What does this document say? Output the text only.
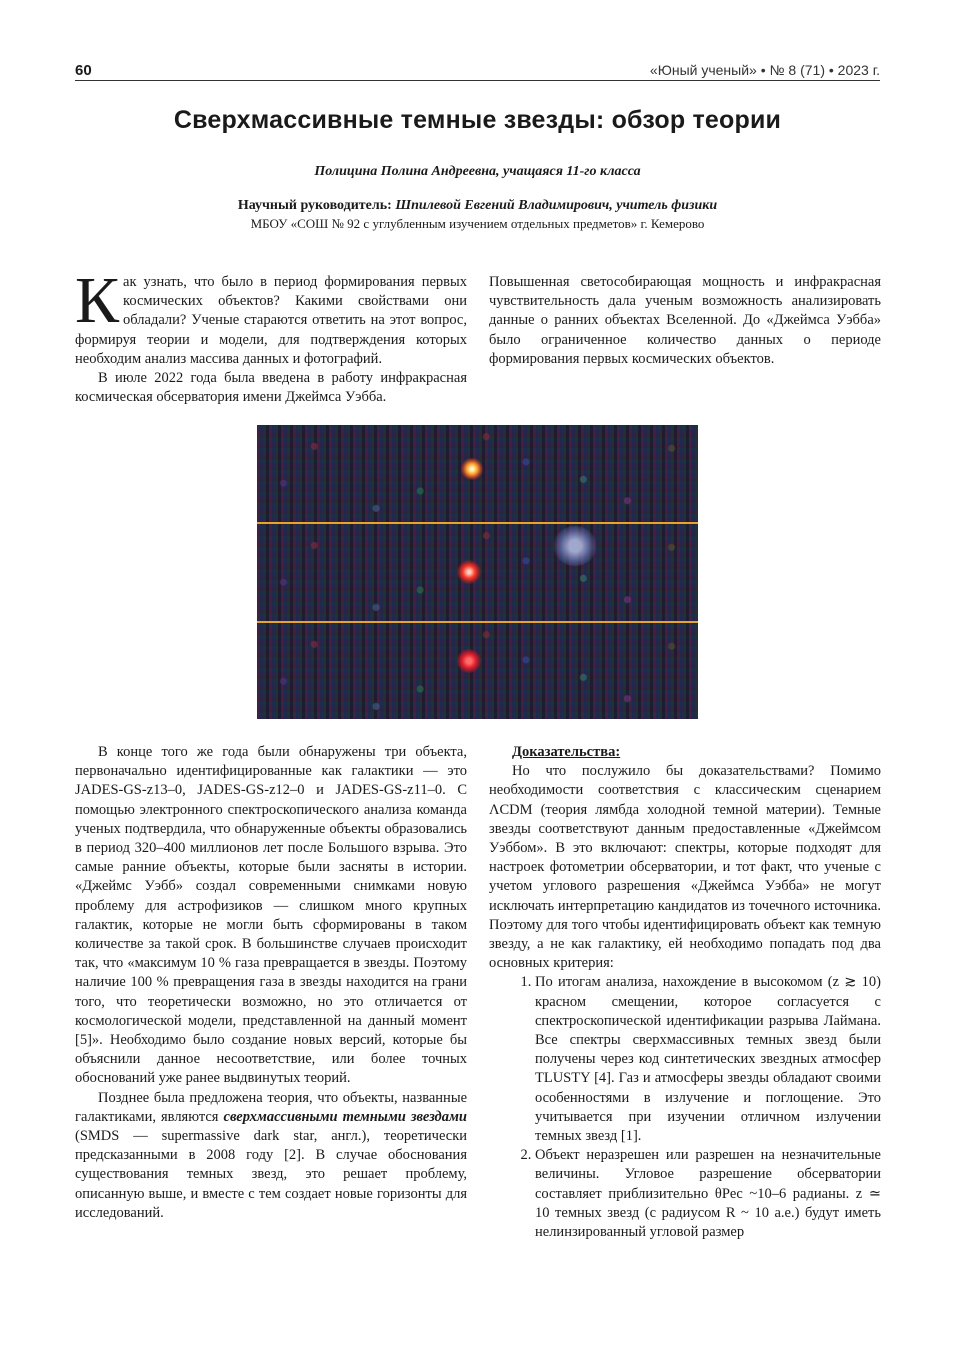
60	«Юный ученый» • № 8 (71) • 2023 г.
Сверхмассивные темные звезды: обзор теории
Полицина Полина Андреевна, учащаяся 11-го класса
Научный руководитель: Шпилевой Евгений Владимирович, учитель физики
МБОУ «СОШ № 92 с углубленным изучением отдельных предметов» г. Кемерово

Как узнать, что было в период формирования первых космических объектов? Какими свойствами они обладали? Ученые стараются ответить на этот вопрос, формируя теории и модели, для подтверждения которых необходим анализ массива данных и фотографий.

В июле 2022 года была введена в работу инфракрасная космическая обсерватория имени Джеймса Уэбба.

Повышенная светособирающая мощность и инфракрасная чувствительность дала ученым возможность анализировать данные о ранних объектах Вселенной. До «Джеймса Уэбба» было ограниченное количество данных о периоде формирования первых космических объектов.

В конце того же года были обнаружены три объекта, первоначально идентифицированные как галактики — это JADES-GS-z13–0, JADES-GS-z12–0 и JADES-GS-z11–0. С помощью электронного спектроскопического анализа команда ученых подтвердила, что обнаруженные объекты образовались в период 320–400 миллионов лет после Большого взрыва. Это самые ранние объекты, которые были засняты в истории. «Джеймс Уэбб» создал современными снимками новую проблему для астрофизиков — слишком много крупных галактик, которые не могли быть сформированы в таком количестве за такой срок. В большинстве случаев происходит так, что «максимум 10 % газа превращается в звезды. Поэтому наличие 100 % превращения газа в звезды находится на грани того, что теоретически возможно, но это отличается от космологической модели, представленной на данный момент [5]». Необходимо было создание новых версий, которые бы объяснили данное несоответствие, или более точных обоснований уже ранее выдвинутых теорий.

Позднее была предложена теория, что объекты, названные галактиками, являются сверхмассивными темными звездами (SMDS — supermassive dark star, англ.), теоретически предсказанными в 2008 году [2]. В случае обоснования существования темных звезд, это решает проблему, описанную выше, и вместе с тем создает новые горизонты для исследований.

Доказательства:

Но что послужило бы доказательствами? Помимо необходимости соответствия с классическим сценарием ΛCDM (теория лямбда холодной темной материи). Темные звезды соответствуют данным предоставленные «Джеймсом Уэббом». В это включают: спектры, которые подходят для настроек фотометрии обсерватории, и тот факт, что ученые с учетом углового разрешения «Джеймса Уэбба» не могут исключать интерпретацию кандидатов из точечного источника. Поэтому для того чтобы идентифицировать объект как темную звезду, а не как галактику, ей необходимо попадать под два основных критерия:

1. По итогам анализа, нахождение в высокомом (z ≳ 10) красном смещении, которое согласуется с спектроскопической идентификации разрыва Лаймана. Все спектры сверхмассивных темных звезд были получены через код синтетических звездных атмосфер TLUSTY [4]. Газ и атмосферы звезды обладают своими особенностями в излучение и поглощение. Это учитывается при изучении отличном излучении темных звезд [1].
2. Объект неразрешен или разрешен на незначительные величины. Угловое разрешение обсерватории составляет приблизительно θPec ~10–6 радианы. z ≃ 10 темных звезд (с радиусом R ~ 10 а.е.) будут иметь нелинзированный угловой размер
